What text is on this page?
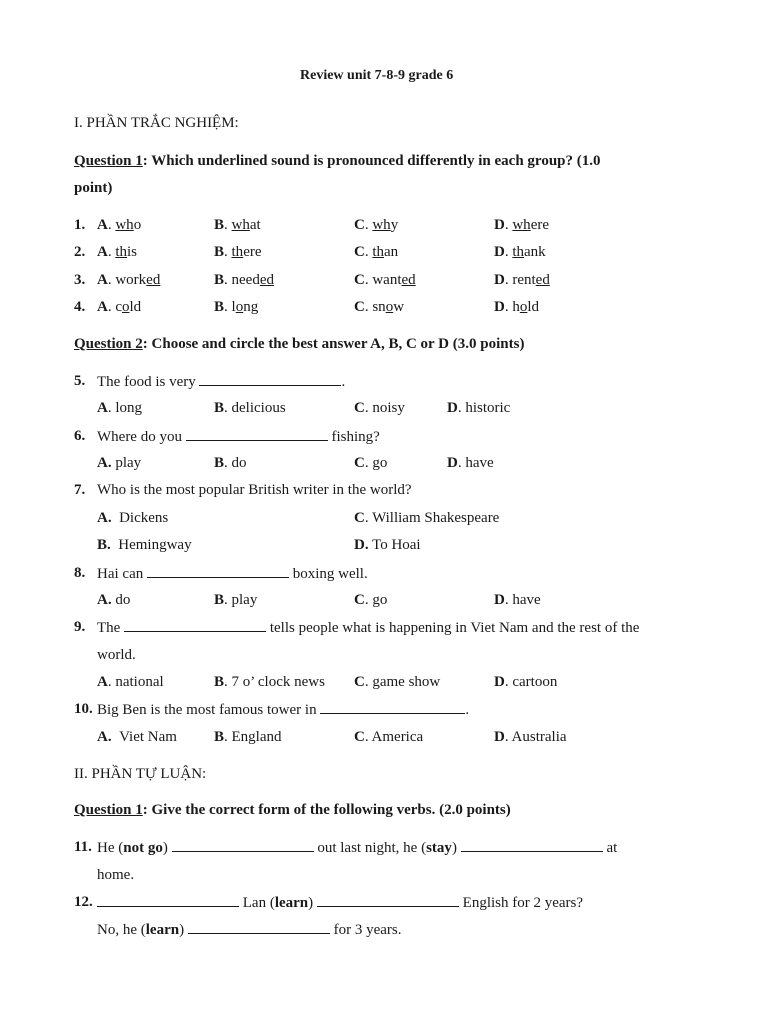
Review unit 7-8-9 grade 6
I. PHẦN TRẮC NGHIỆM:
Question 1: Which underlined sound is pronounced differently in each group? (1.0
point)
1. A. who	B. what	C. why	D. where
2. A. this	B. there	C. than	D. thank
3. A. worked	B. needed	C. wanted	D. rented
4. A. cold	B. long	C. snow	D. hold
Question 2: Choose and circle the best answer A, B, C or D (3.0 points)
5. The food is very	.
A. long	B. delicious	C. noisy	D. historic
6. Where do you	fishing?
A. play	B. do	C. go	D. have
7. Who is the most popular British writer in the world?
A. Dickens	C. William Shakespeare
B. Hemingway	D. To Hoai
8. Hai can	boxing well.
A. do	B. play	C. go	D. have
9. The	tells people what is happening in Viet Nam and the rest of the
world.
A. national	B. 7 o’ clock news C. game show	D. cartoon
10. Big Ben is the most famous tower in	.
A. Viet Nam B. England	C. America	D. Australia
II. PHẦN TỰ LUẬN:
Question 1: Give the correct form of the following verbs. (2.0 points)
11. He (not go)	out last night, he (stay)	at
home.
12.	Lan (learn)	English for 2 years?
No, he (learn)	for 3 years.
